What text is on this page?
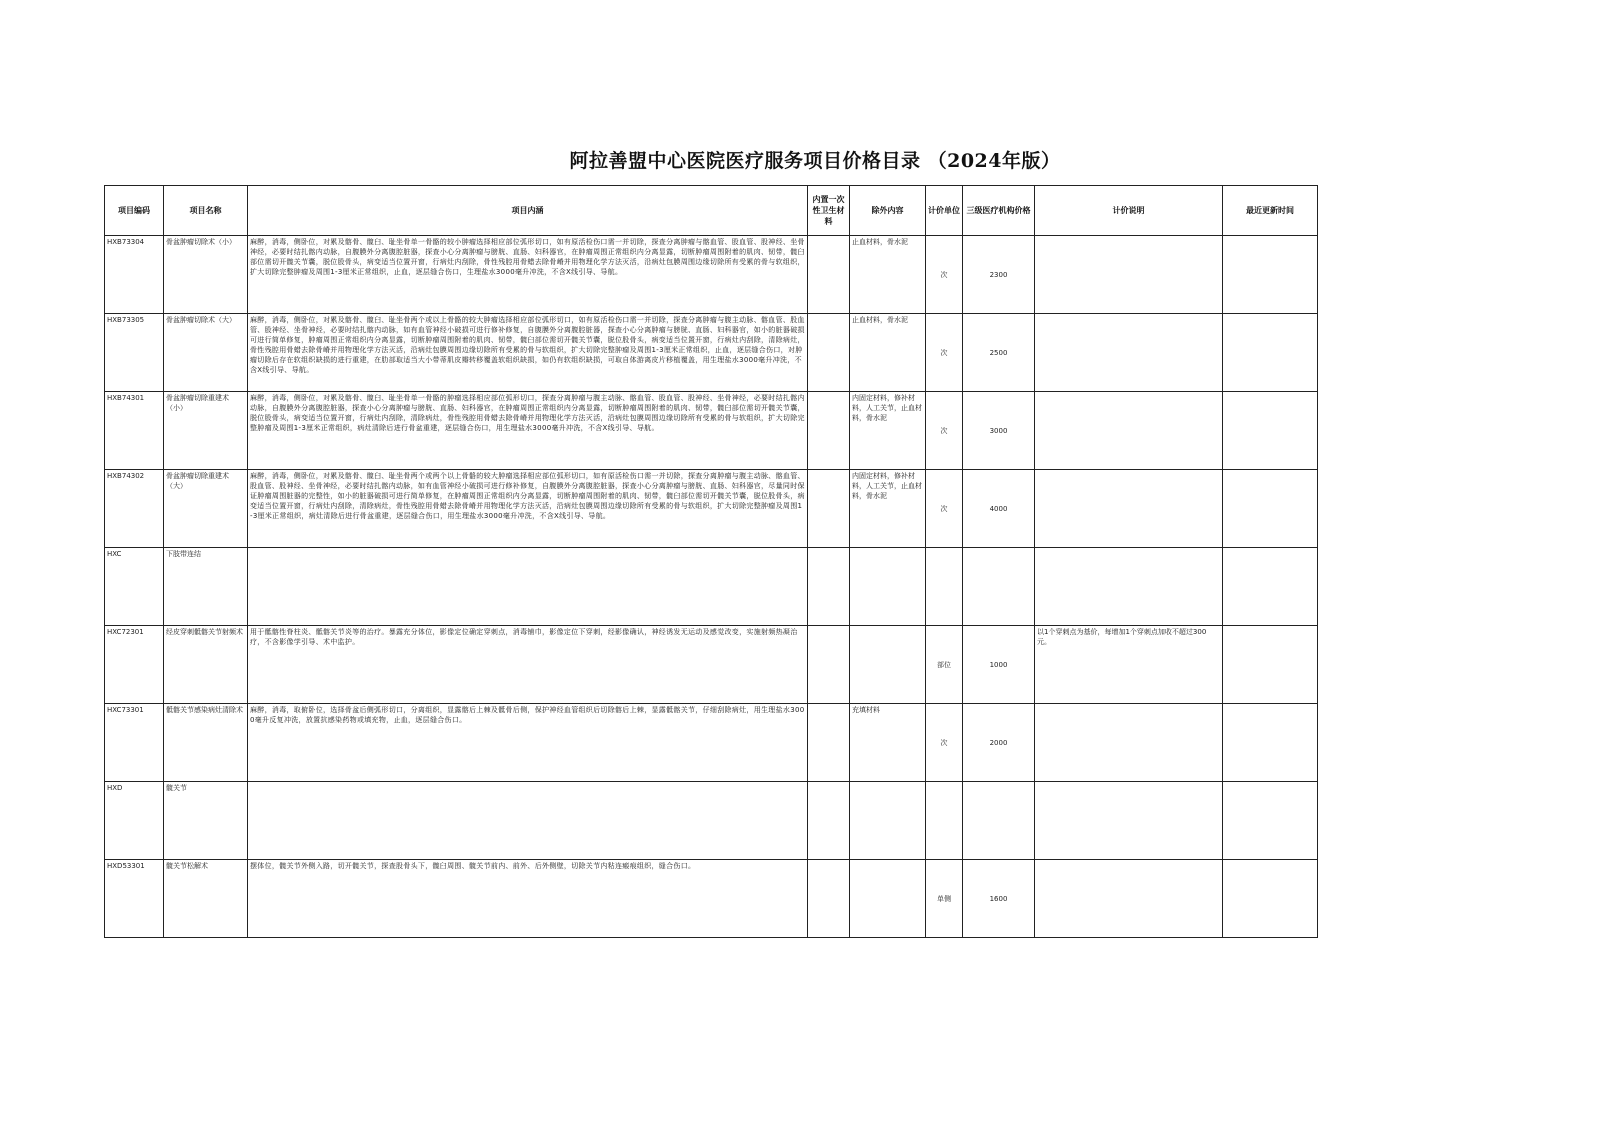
阿拉善盟中心医院医疗服务项目价格目录 （2024年版）
项目编码	项目名称	项目内涵	内置一次性卫生材料	除外内容	计价单位	三级医疗机构价格	计价说明	最近更新时间
HXB73304	骨盆肿瘤切除术（小）	麻醉，消毒，侧卧位，对累及髂骨、髋臼、耻坐骨单一骨骼的较小肿瘤选择相应部位弧形切口，如有原活检伤口需一并切除，探查分离肿瘤与髂血管、股血管、股神经、坐骨神经，必要时结扎髂内动脉，自腹膜外分离腹腔脏器，探查小心分离肿瘤与膀胱、直肠、妇科器官，在肿瘤周围正常组织内分离显露，切断肿瘤周围附着的肌肉、韧带，髋臼部位需切开髋关节囊，脱位股骨头，病变适当位置开窗，行病灶内刮除，骨性残腔用骨蜡去除骨嵴并用物理化学方法灭活，沿病灶包膜周围边缘切除所有受累的骨与软组织，扩大切除完整肿瘤及周围1-3厘米正常组织，止血，逐层缝合伤口，生理盐水3000毫升冲洗，不含X线引导、导航。		止血材料，骨水泥	次	2300		
HXB73305	骨盆肿瘤切除术（大）	麻醉，消毒，侧卧位，对累及髂骨、髋臼、耻坐骨两个或以上骨骼的较大肿瘤选择相应部位弧形切口，如有原活检伤口需一并切除，探查分离肿瘤与腹主动脉、髂血管、股血管、股神经、坐骨神经，必要时结扎髂内动脉，如有血管神经小破损可进行修补修复，自腹膜外分离腹腔脏器，探查小心分离肿瘤与膀胱、直肠、妇科器官，如小的脏器破损可进行简单修复，肿瘤周围正常组织内分离显露，切断肿瘤周围附着的肌肉、韧带，髋臼部位需切开髋关节囊，脱位股骨头，病变适当位置开窗，行病灶内刮除，清除病灶，骨性残腔用骨蜡去除骨嵴并用物理化学方法灭活，沿病灶包膜周围边缘切除所有受累的骨与软组织，扩大切除完整肿瘤及周围1-3厘米正常组织，止血，逐层缝合伤口，对肿瘤切除后存在软组织缺损的进行重建，在肋部取适当大小带蒂肌皮瓣转移覆盖软组织缺损，如仍有软组织缺损，可取自体游离皮片移植覆盖，用生理盐水3000毫升冲洗，不含X线引导、导航。		止血材料，骨水泥	次	2500		
HXB74301	骨盆肿瘤切除重建术（小）	麻醉，消毒，侧卧位，对累及髂骨、髋臼、耻坐骨单一骨骼的肿瘤选择相应部位弧形切口，探查分离肿瘤与腹主动脉、髂血管、股血管、股神经、坐骨神经，必要时结扎髂内动脉，自腹膜外分离腹腔脏器，探查小心分离肿瘤与膀胱、直肠、妇科器官，在肿瘤周围正常组织内分离显露，切断肿瘤周围附着的肌肉、韧带，髋臼部位需切开髋关节囊，脱位股骨头，病变适当位置开窗，行病灶内刮除，清除病灶，骨性残腔用骨蜡去除骨嵴并用物理化学方法灭活，沿病灶包膜周围边缘切除所有受累的骨与软组织，扩大切除完整肿瘤及周围1-3厘米正常组织，病灶清除后进行骨盆重建，逐层缝合伤口，用生理盐水3000毫升冲洗，不含X线引导、导航。		内固定材料，修补材料，人工关节，止血材料，骨水泥	次	3000		
HXB74302	骨盆肿瘤切除重建术（大）	麻醉，消毒，侧卧位，对累及髂骨、髋臼、耻坐骨两个或两个以上骨骼的较大肿瘤选择相应部位弧形切口，如有原活检伤口需一并切除，探查分离肿瘤与腹主动脉、髂血管、股血管、股神经、坐骨神经，必要时结扎髂内动脉，如有血管神经小破损可进行修补修复，自腹膜外分离腹腔脏器，探查小心分离肿瘤与膀胱、直肠、妇科器官，尽量同时保证肿瘤周围脏器的完整性，如小的脏器破损可进行简单修复，在肿瘤周围正常组织内分离显露，切断肿瘤周围附着的肌肉、韧带，髋臼部位需切开髋关节囊，脱位股骨头，病变适当位置开窗，行病灶内刮除，清除病灶，骨性残腔用骨蜡去除骨嵴并用物理化学方法灭活，沿病灶包膜周围边缘切除所有受累的骨与软组织，扩大切除完整肿瘤及周围1-3厘米正常组织，病灶清除后进行骨盆重建，逐层缝合伤口，用生理盐水3000毫升冲洗，不含X线引导、导航。		内固定材料，修补材料，人工关节，止血材料，骨水泥	次	4000		
HXC	下肢带连结							
HXC72301	经皮穿刺骶髂关节射频术	用于骶髂性脊柱炎、骶髂关节炎等的治疗。暴露充分体位，影像定位确定穿刺点，消毒铺巾，影像定位下穿刺，经影像确认，神经诱发无运动及感觉改变，实施射频热凝治疗，不含影像学引导、术中监护。			部位	1000	以1个穿刺点为基价，每增加1个穿刺点加收不超过300元。	
HXC73301	骶髂关节感染病灶清除术	麻醉，消毒，取俯卧位，选择骨盆后侧弧形切口，分离组织，显露髂后上棘及骶骨后侧，保护神经血管组织后切除髂后上棘，显露骶髂关节，仔细刮除病灶，用生理盐水3000毫升反复冲洗，放置抗感染药物或填充物，止血，逐层缝合伤口。		充填材料	次	2000		
HXD	髋关节							
HXD53301	髋关节松解术	摆体位，髋关节外侧入路，切开髋关节，探查股骨头下，髋臼周围、髋关节前内、前外、后外侧壁，切除关节内粘连瘢痕组织，缝合伤口。			单侧	1600		
